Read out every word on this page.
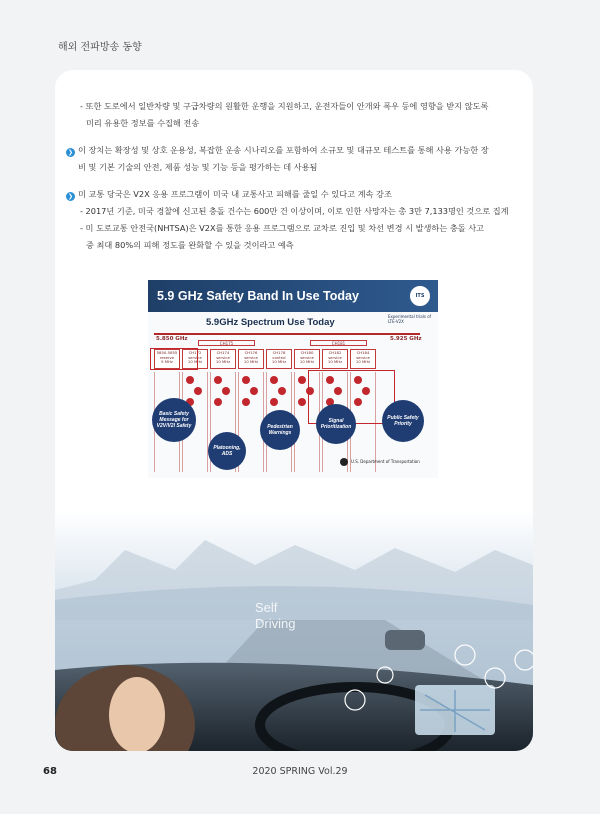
해외 전파방송 동향
- 또한 도로에서 일반차량 및 구급차량의 원활한 운행을 지원하고, 운전자들이 안개와 폭우 등에 영향을 받지 않도록
미리 유용한 정보를 수집해 전송
❯ 이 장치는 확장성 및 상호 운용성, 복잡한 운송 시나리오를 포함하여 소규모 및 대규모 테스트를 통해 사용 가능한 장
비 및 기본 기술의 안전, 제품 성능 및 기능 등을 평가하는 데 사용됨
❯ 미 교통 당국은 V2X 응용 프로그램이 미국 내 교통사고 피해를 줄일 수 있다고 계속 강조
- 2017년 기준, 미국 경찰에 신고된 충돌 건수는 600만 건 이상이며, 이로 인한 사망자는 총 3만 7,133명인 것으로 집계
- 미 도로교통 안전국(NHTSA)은 V2X를 통한 응용 프로그램으로 교차로 진입 및 차선 변경 시 발생하는 충돌 사고
중 최대 80%의 피해 정도를 완화할 수 있을 것이라고 예측
5.9 GHz Safety Band In Use Today	ITS
5.9GHz Spectrum Use Today
Experimental trials of LTE-V2X
5.850 GHz	5.925 GHz
CH175	CH181
5850-5855
reserve
5 MHz
CH172
service
10 MHz
CH174
service
10 MHz
CH176
service
10 MHz
CH178
control
10 MHz
CH180
service
10 MHz
CH182
service
10 MHz
CH184
service
10 MHz
Basic Safety Message for V2V/V2I Safety
Platooning, ADS
Pedestrian Warnings
Signal Prioritization
Public Safety Priority
U.S. Department of Transportation
Self
Driving
68	2020 SPRING Vol.29
